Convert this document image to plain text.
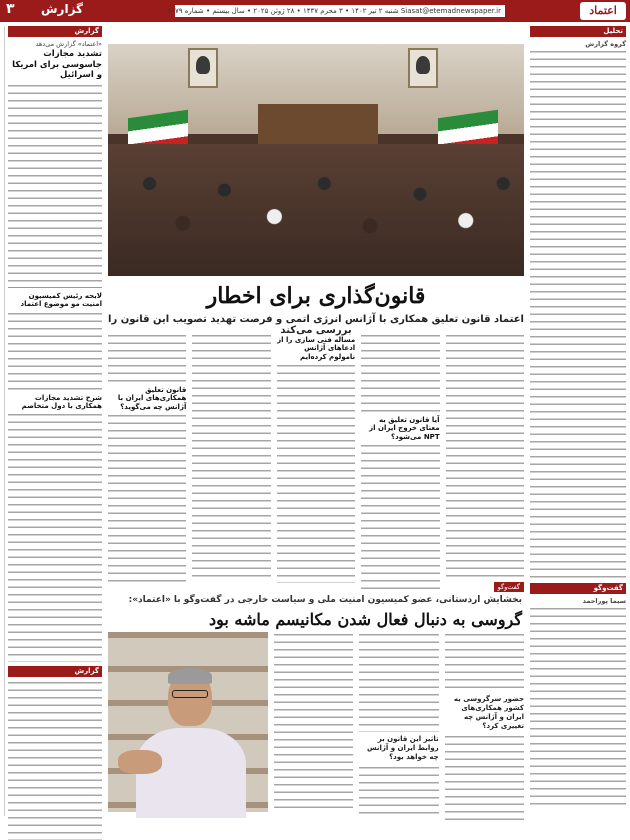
۳	گزارش	Siasat@etemadnewspaper.ir شنبه ۲ تیر ۱۴۰۲ • ۳ محرم ۱۴۴۷ • ۲۸ ژوئن ۲۰۲۵ • سال بیستم • شماره ۶۰۷۹	اعتماد
گزارش
«اعتماد» گزارش می‌دهد
تشدید مجازات جاسوسی برای امریکا و اسرائیل
لایحه رئیس کمیسیون امنیت مو موضوع اعتماد
شرح تشدید مجازات همکاری با دول متخاصم
گزارش
تحلیل
گروه گزارش
گفت‌وگو
سیما پوراحمد
قانون‌گذاری برای اخطار
اعتماد قانون تعلیق همکاری با آژانس انرژی اتمی و فرصت تهدید تصویب این قانون را بررسی می‌کند
آیا قانون تعلیق به معنای خروج ایران از NPT می‌شود؟
مساله فنی سازی را از ادعاهای آژانس نامولوم کرده‌ایم
قانون تعلیق همکاری‌های ایران با آژانس چه می‌گوید؟
گفت‌وگو
بخشایش اردستانی، عضو کمیسیون امنیت ملی و سیاست خارجی در گفت‌وگو با «اعتماد»:
گروسی به دنبال فعال شدن مکانیسم ماشه بود
حضور سرگروسی به کشور همکاری‌های ایران و آژانس چه تغییری کرد؟
تاثیر این قانون بر روابط ایران و آژانس چه خواهد بود؟
